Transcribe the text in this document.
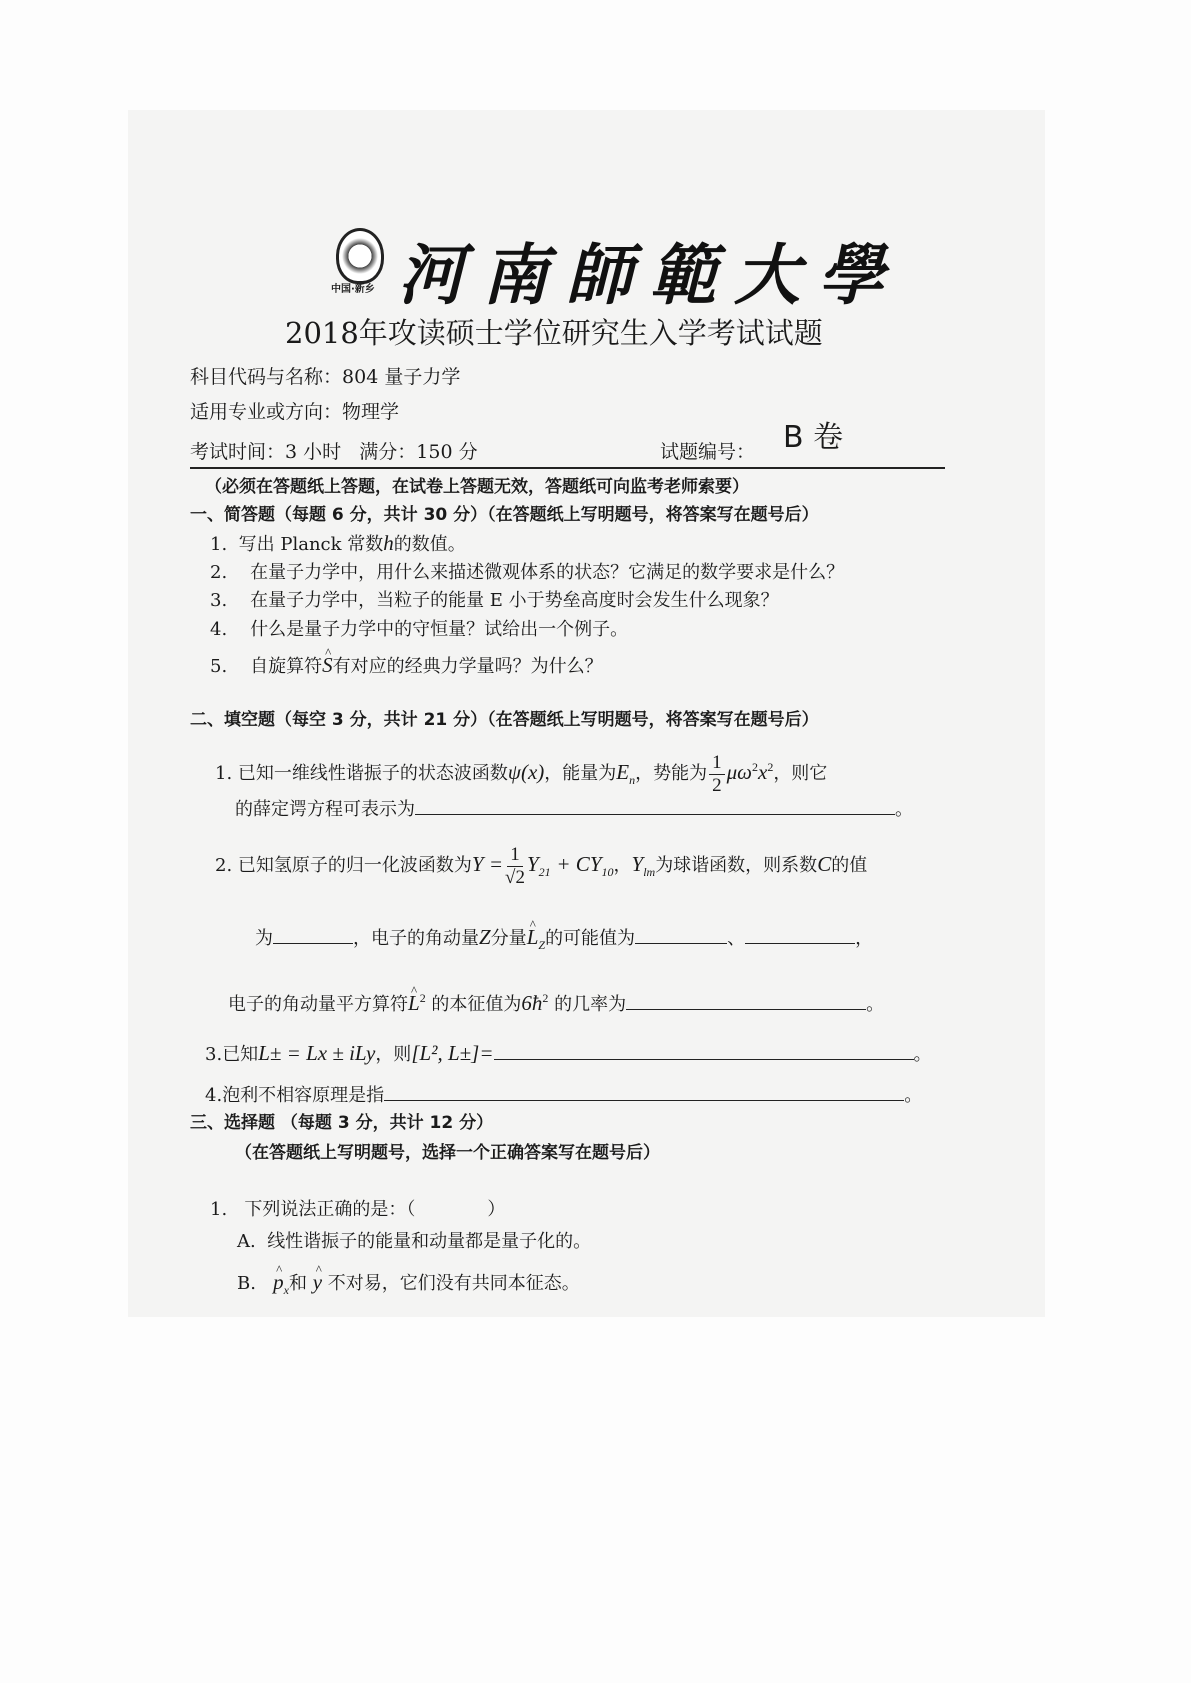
中国·新乡 河南師範大學
2018年攻读硕士学位研究生入学考试试题
科目代码与名称：804 量子力学
适用专业或方向：物理学
考试时间：3 小时 满分：150 分	试题编号： B 卷
（必须在答题纸上答题，在试卷上答题无效，答题纸可向监考老师索要）
一、简答题（每题 6 分，共计 30 分）（在答题纸上写明题号，将答案写在题号后）
1. 写出 Planck 常数h的数值。
2. 在量子力学中，用什么来描述微观体系的状态？它满足的数学要求是什么？
3. 在量子力学中，当粒子的能量 E 小于势垒高度时会发生什么现象？
4. 什么是量子力学中的守恒量？试给出一个例子。
5. 自旋算符^ S有对应的经典力学量吗？为什么？
二、填空题（每空 3 分，共计 21 分）（在答题纸上写明题号，将答案写在题号后）
1. 已知一维线性谐振子的状态波函数ψ(x)，能量为$E_n$，势能为 $\frac{1}{2} \mu\omega^2x^2$，则它
的薛定谔方程可表示为	。
2. 已知氢原子的归一化波函数为$Y = \frac{1}{√2} Y_{21} + CY_{10}$，$Y_{lm}$为球谐函数，则系数C的值
为	，电子的角动量Z分量^ $L_Z$的可能值为	、	，
电子的角动量平方算符^ $L^2$ 的本征值为$6ħ^2$ 的几率为	。
3.已知L± = Lx ± iLy，则[L², L±]=	。
4.泡利不相容原理是指	。
三、选择题 （每题 3 分，共计 12 分）
（在答题纸上写明题号，选择一个正确答案写在题号后）
1. 下列说法正确的是：（　　　　）
A. 线性谐振子的能量和动量都是量子化的。
B. ^ $p_x$和 ^ y 不对易，它们没有共同本征态。
